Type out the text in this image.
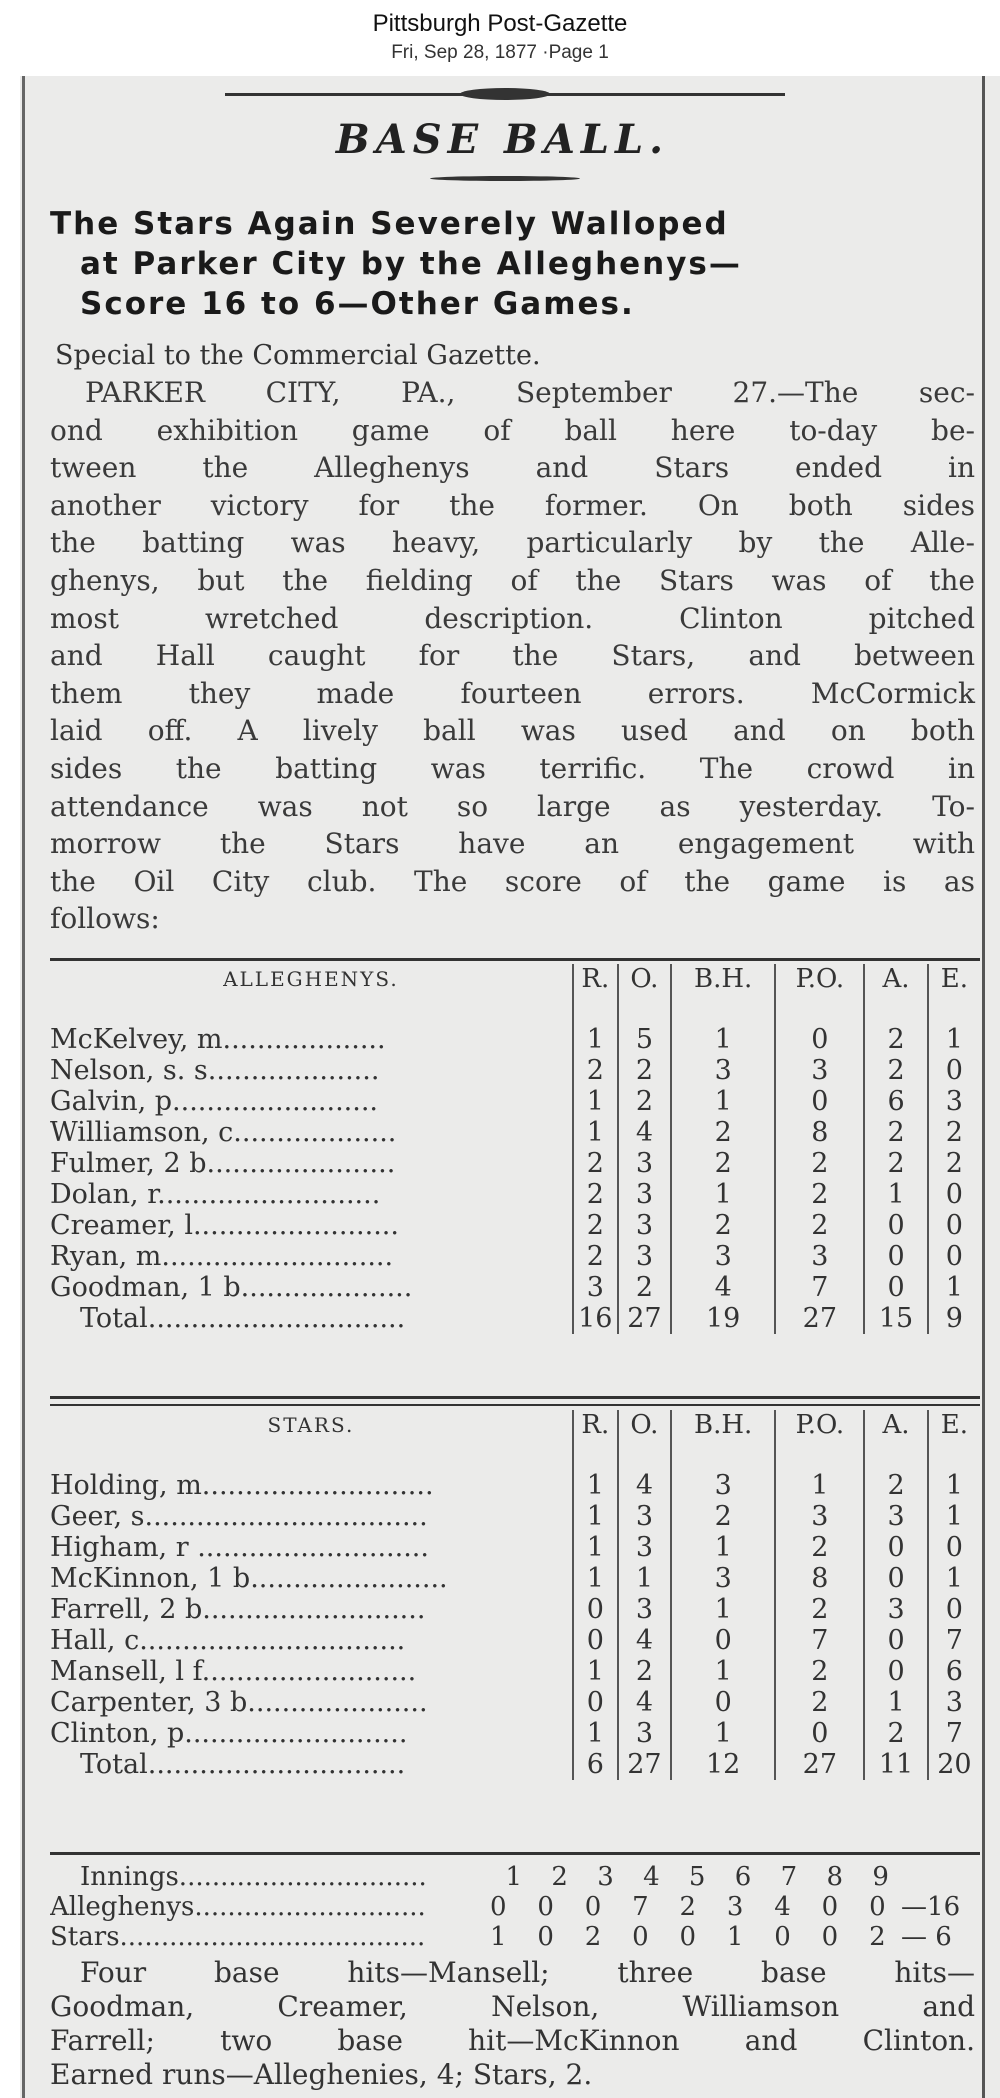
Pittsburgh Post-Gazette
Fri, Sep 28, 1877 ·Page 1
BASE BALL.
The Stars Again Severely Walloped
at Parker City by the Alleghenys—
Score 16 to 6—Other Games.
Special to the Commercial Gazette.
PARKER CITY, PA., September 27.—The sec-
ond exhibition game of ball here to-day be-
tween the Alleghenys and Stars ended in
another victory for the former. On both sides
the batting was heavy, particularly by the Alle-
ghenys, but the fielding of the Stars was of the
most wretched description. Clinton pitched
and Hall caught for the Stars, and between
them they made fourteen errors. McCormick
laid off. A lively ball was used and on both
sides the batting was terrific. The crowd in
attendance was not so large as yesterday. To-
morrow the Stars have an engagement with
the Oil City club. The score of the game is as
follows:
ALLEGHENYS.	R.	O.	B.H.	P.O.	A.	E.

McKelvey, m...................	1	5	1	0	2	1
Nelson, s. s....................	2	2	3	3	2	0
Galvin, p........................	1	2	1	0	6	3
Williamson, c...................	1	4	2	8	2	2
Fulmer, 2 b......................	2	3	2	2	2	2
Dolan, r..........................	2	3	1	2	1	0
Creamer, l........................	2	3	2	2	0	0
Ryan, m...........................	2	3	3	3	0	0
Goodman, 1 b....................	3	2	4	7	0	1
Total..............................	16	27	19	27	15	9
STARS.	R.	O.	B.H.	P.O.	A.	E.

Holding, m...........................	1	4	3	1	2	1
Geer, s.................................	1	3	2	3	3	1
Higham, r ...........................	1	3	1	2	0	0
McKinnon, 1 b.......................	1	1	3	8	0	1
Farrell, 2 b..........................	0	3	1	2	3	0
Hall, c...............................	0	4	0	7	0	7
Mansell, l f.........................	1	2	1	2	0	6
Carpenter, 3 b.....................	0	4	0	2	1	3
Clinton, p..........................	1	3	1	0	2	7
Total..............................	6	27	12	27	11	20
Innings..............................	1	2	3	4	5	6	7	8	9
Alleghenys............................	0	0	0	7	2	3	4	0	0 —16
Stars.....................................	1	0	2	0	0	1	0	0	2 — 6
Four base hits—Mansell; three base hits—
Goodman, Creamer, Nelson, Williamson and
Farrell; two base hit—McKinnon and Clinton.
Earned runs—Alleghenies, 4; Stars, 2.
